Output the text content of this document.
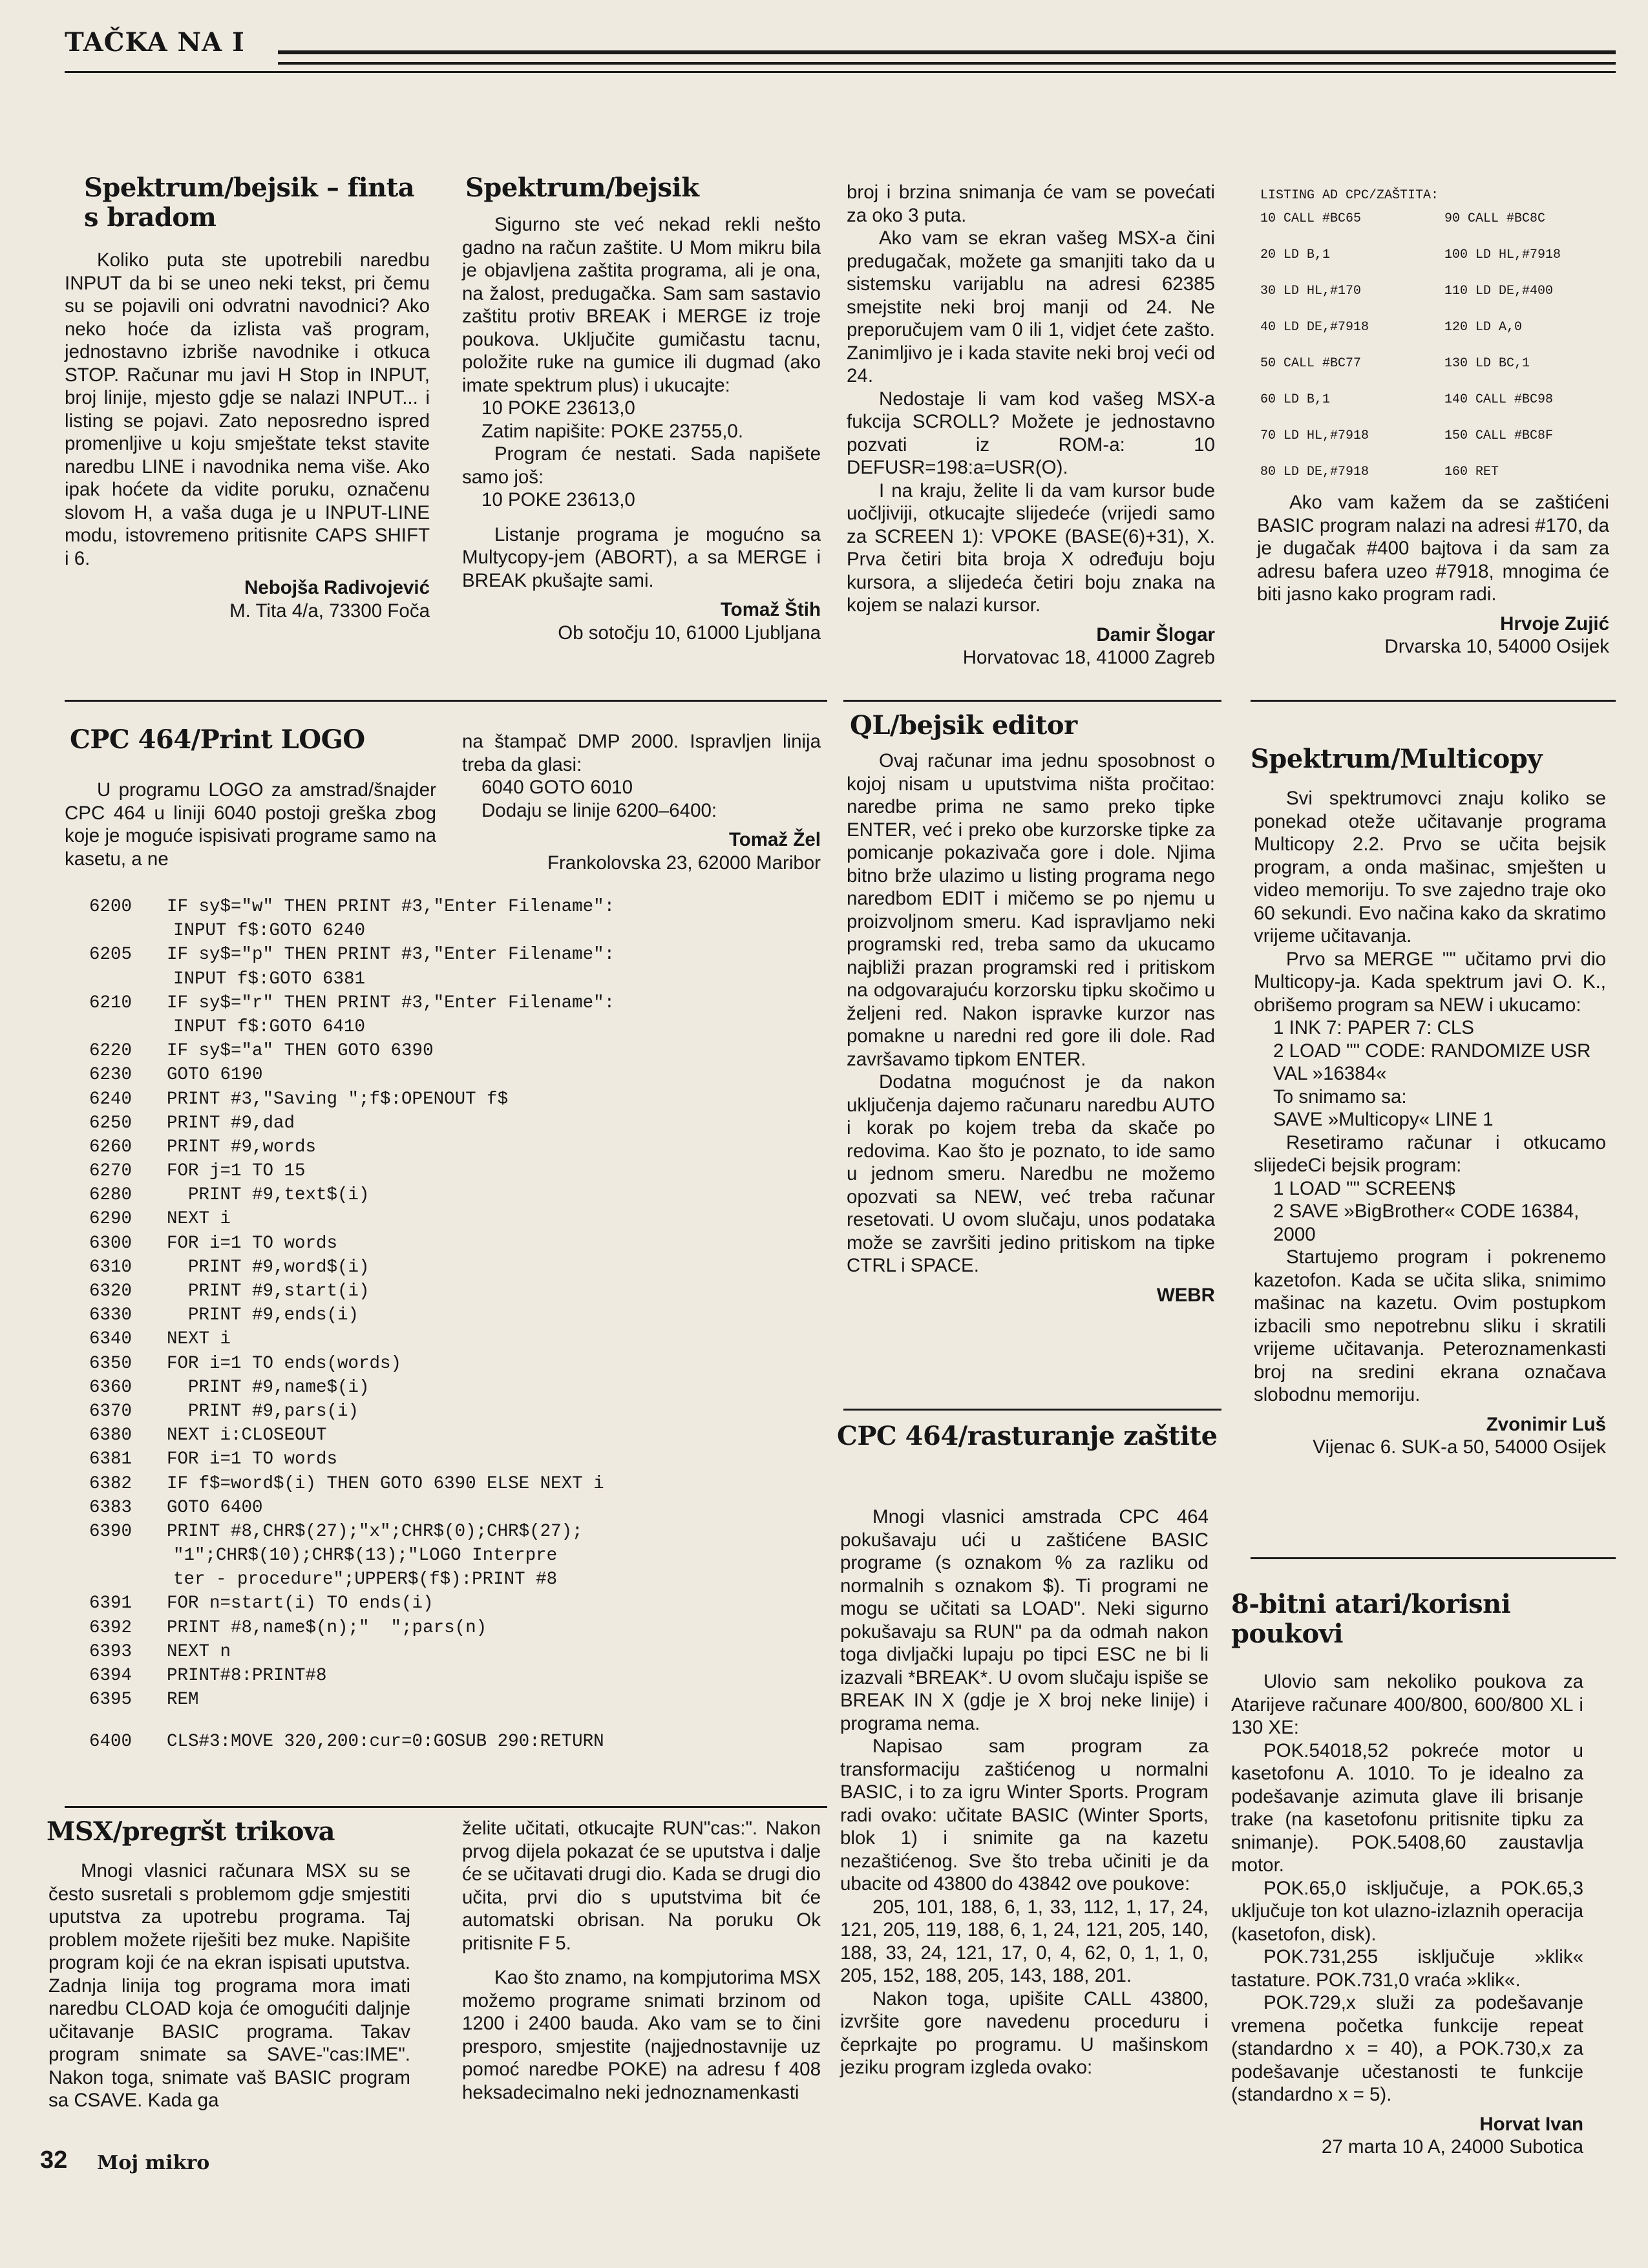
TAČKA NA I
Spektrum/bejsik – finta s bradom

Koliko puta ste upotrebili naredbu INPUT da bi se uneo neki tekst, pri čemu su se pojavili oni odvratni navodnici? Ako neko hoće da izlista vaš program, jednostavno izbriše navodnike i otkuca STOP. Računar mu javi H Stop in INPUT, broj linije, mjesto gdje se nalazi INPUT... i listing se pojavi. Zato neposredno ispred promenljive u koju smještate tekst stavite naredbu LINE i navodnika nema više. Ako ipak hoćete da vidite poruku, označenu slovom H, a vaša duga je u INPUT-LINE modu, istovremeno pritisnite CAPS SHIFT i 6.

Nebojša Radivojević
M. Tita 4/a, 73300 Foča
Spektrum/bejsik

Sigurno ste već nekad rekli nešto gadno na račun zaštite. U Mom mikru bila je objavljena zaštita programa, ali je ona, na žalost, predugačka. Sam sam sastavio zaštitu protiv BREAK i MERGE iz troje poukova. Uključite gumičastu tacnu, položite ruke na gumice ili dugmad (ako imate spektrum plus) i ukucajte:

10 POKE 23613,0

Zatim napišite: POKE 23755,0.

Program će nestati. Sada napišete samo još:

10 POKE 23613,0

Listanje programa je mogućno sa Multycopy-jem (ABORT), a sa MERGE i BREAK pkušajte sami.

Tomaž Štih
Ob sotočju 10, 61000 Ljubljana

broj i brzina snimanja će vam se povećati za oko 3 puta.

Ako vam se ekran vašeg MSX-a čini predugačak, možete ga smanjiti tako da u sistemsku varijablu na adresi 62385 smejstite neki broj manji od 24. Ne preporučujem vam 0 ili 1, vidjet ćete zašto. Zanimljivo je i kada stavite neki broj veći od 24.

Nedostaje li vam kod vašeg MSX-a fukcija SCROLL? Možete je jednostavno pozvati iz ROM-a: 10 DEFUSR=198:a=USR(O).

I na kraju, želite li da vam kursor bude uočljiviji, otkucajte slijedeće (vrijedi samo za SCREEN 1): VPOKE (BASE(6)+31), X. Prva četiri bita broja X određuju boju kursora, a slijedeća četiri boju znaka na kojem se nalazi kursor.

Damir Šlogar
Horvatovac 18, 41000 Zagreb
LISTING AD CPC/ZAŠTITA:
10 CALL #BC65	90 CALL #BC8C
20 LD B,1	100 LD HL,#7918
30 LD HL,#170	110 LD DE,#400
40 LD DE,#7918	120 LD A,0
50 CALL #BC77	130 LD BC,1
60 LD B,1	140 CALL #BC98
70 LD HL,#7918	150 CALL #BC8F
80 LD DE,#7918	160 RET

Ako vam kažem da se zaštićeni BASIC program nalazi na adresi #170, da je dugačak #400 bajtova i da sam za adresu bafera uzeo #7918, mnogima će biti jasno kako program radi.

Hrvoje Zujić
Drvarska 10, 54000 Osijek
CPC 464/Print LOGO

U programu LOGO za amstrad/šnajder CPC 464 u liniji 6040 postoji greška zbog koje je moguće ispisivati programe samo na kasetu, a ne

na štampač DMP 2000. Ispravljen linija treba da glasi:

6040 GOTO 6010

Dodaju se linije 6200–6400:

Tomaž Žel
Frankolovska 23, 62000 Maribor
6200 IF sy$="w" THEN PRINT #3,"Enter Filename":
INPUT f$:GOTO 6240
6205 IF sy$="p" THEN PRINT #3,"Enter Filename":
INPUT f$:GOTO 6381
6210 IF sy$="r" THEN PRINT #3,"Enter Filename":
INPUT f$:GOTO 6410
6220 IF sy$="a" THEN GOTO 6390
6230 GOTO 6190
6240 PRINT #3,"Saving ";f$:OPENOUT f$
6250 PRINT #9,dad
6260 PRINT #9,words
6270 FOR j=1 TO 15
6280  PRINT #9,text$(i)
6290 NEXT i
6300 FOR i=1 TO words
6310  PRINT #9,word$(i)
6320  PRINT #9,start(i)
6330  PRINT #9,ends(i)
6340 NEXT i
6350 FOR i=1 TO ends(words)
6360  PRINT #9,name$(i)
6370  PRINT #9,pars(i)
6380 NEXT i:CLOSEOUT
6381 FOR i=1 TO words
6382 IF f$=word$(i) THEN GOTO 6390 ELSE NEXT i
6383 GOTO 6400
6390 PRINT #8,CHR$(27);"x";CHR$(0);CHR$(27);
"1";CHR$(10);CHR$(13);"LOGO Interpre
ter - procedure";UPPER$(f$):PRINT #8
6391 FOR n=start(i) TO ends(i)
6392 PRINT #8,name$(n);"  ";pars(n)
6393 NEXT n
6394 PRINT#8:PRINT#8
6395 REM
6400 CLS#3:MOVE 320,200:cur=0:GOSUB 290:RETURN
QL/bejsik editor

Ovaj računar ima jednu sposobnost o kojoj nisam u uputstvima ništa pročitao: naredbe prima ne samo preko tipke ENTER, već i preko obe kurzorske tipke za pomicanje pokazivača gore i dole. Njima bitno brže ulazimo u listing programa nego naredbom EDIT i mičemo se po njemu u proizvoljnom smeru. Kad ispravljamo neki programski red, treba samo da ukucamo najbliži prazan programski red i pritiskom na odgovarajuću korzorsku tipku skočimo u željeni red. Nakon ispravke kurzor nas pomakne u naredni red gore ili dole. Rad završavamo tipkom ENTER.

Dodatna mogućnost je da nakon uključenja dajemo računaru naredbu AUTO i korak po kojem treba da skače po redovima. Kao što je poznato, to ide samo u jednom smeru. Naredbu ne možemo opozvati sa NEW, već treba računar resetovati. U ovom slučaju, unos podataka može se završiti jedino pritiskom na tipke CTRL i SPACE.

WEBR
Spektrum/Multicopy

Svi spektrumovci znaju koliko se ponekad oteže učitavanje programa Multicopy 2.2. Prvo se učita bejsik program, a onda mašinac, smješten u video memoriju. To sve zajedno traje oko 60 sekundi. Evo načina kako da skratimo vrijeme učitavanja.

Prvo sa MERGE "" učitamo prvi dio Multicopy-ja. Kada spektrum javi O. K., obrišemo program sa NEW i ukucamo:

1 INK 7: PAPER 7: CLS

2 LOAD "" CODE: RANDOMIZE USR VAL »16384«

To snimamo sa:

SAVE »Multicopy« LINE 1

Resetiramo računar i otkucamo slijedeCi bejsik program:

1 LOAD "" SCREEN$

2 SAVE »BigBrother« CODE 16384, 2000

Startujemo program i pokrenemo kazetofon. Kada se učita slika, snimimo mašinac na kazetu. Ovim postupkom izbacili smo nepotrebnu sliku i skratili vrijeme učitavanja. Peteroznamenkasti broj na sredini ekrana označava slobodnu memoriju.

Zvonimir Luš
Vijenac 6. SUK-a 50, 54000 Osijek
MSX/pregršt trikova

Mnogi vlasnici računara MSX su se često susretali s problemom gdje smjestiti uputstva za upotrebu programa. Taj problem možete riješiti bez muke. Napišite program koji će na ekran ispisati uputstva. Zadnja linija tog programa mora imati naredbu CLOAD koja će omogućiti daljnje učitavanje BASIC programa. Takav program snimate sa SAVE-"cas:IME". Nakon toga, snimate vaš BASIC program sa CSAVE. Kada ga

želite učitati, otkucajte RUN"cas:". Nakon prvog dijela pokazat će se uputstva i dalje će se učitavati drugi dio. Kada se drugi dio učita, prvi dio s uputstvima bit će automatski obrisan. Na poruku Ok pritisnite F 5.

Kao što znamo, na kompjutorima MSX možemo programe snimati brzinom od 1200 i 2400 bauda. Ako vam se to čini presporo, smjestite (najjednostavnije uz pomoć naredbe POKE) na adresu f 408 heksadecimalno neki jednoznamenkasti

CPC 464/rasturanje zaštite

Mnogi vlasnici amstrada CPC 464 pokušavaju ući u zaštićene BASIC programe (s oznakom % za razliku od normalnih s oznakom $). Ti programi ne mogu se učitati sa LOAD". Neki sigurno pokušavaju sa RUN" pa da odmah nakon toga divljački lupaju po tipci ESC ne bi li izazvali *BREAK*. U ovom slučaju ispiše se BREAK IN X (gdje je X broj neke linije) i programa nema.

Napisao sam program za transformaciju zaštićenog u normalni BASIC, i to za igru Winter Sports. Program radi ovako: učitate BASIC (Winter Sports, blok 1) i snimite ga na kazetu nezaštićenog. Sve što treba učiniti je da ubacite od 43800 do 43842 ove poukove:

205, 101, 188, 6, 1, 33, 112, 1, 17, 24, 121, 205, 119, 188, 6, 1, 24, 121, 205, 140, 188, 33, 24, 121, 17, 0, 4, 62, 0, 1, 1, 0, 205, 152, 188, 205, 143, 188, 201.

Nakon toga, upišite CALL 43800, izvršite gore navedenu proceduru i čeprkajte po programu. U mašinskom jeziku program izgleda ovako:

8-bitni atari/korisni poukovi

Ulovio sam nekoliko poukova za Atarijeve računare 400/800, 600/800 XL i 130 XE:

POK.54018,52 pokreće motor u kasetofonu A. 1010. To je idealno za podešavanje azimuta glave ili brisanje trake (na kasetofonu pritisnite tipku za snimanje). POK.5408,60 zaustavlja motor.

POK.65,0 isključuje, a POK.65,3 uključuje ton kot ulazno-izlaznih operacija (kasetofon, disk).

POK.731,255 isključuje »klik« tastature. POK.731,0 vraća »klik«.

POK.729,x služi za podešavanje vremena početka funkcije repeat (standardno x = 40), a POK.730,x za podešavanje učestanosti te funkcije (standardno x = 5).

Horvat Ivan
27 marta 10 A, 24000 Subotica
32 Moj mikro
